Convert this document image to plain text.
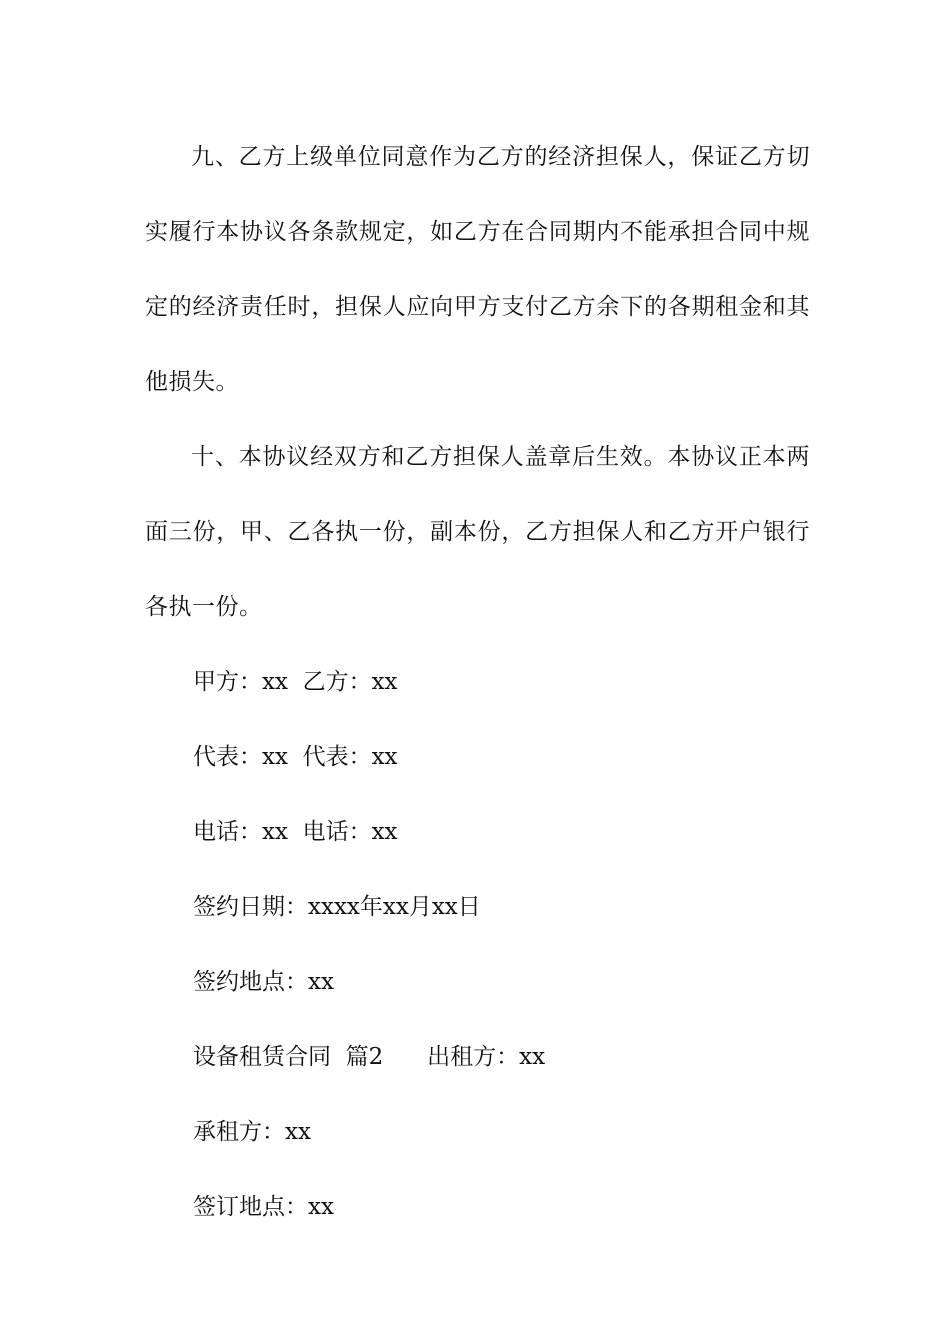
九、乙方上级单位同意作为乙方的经济担保人，保证乙方切实履行本协议各条款规定，如乙方在合同期内不能承担合同中规定的经济责任时，担保人应向甲方支付乙方余下的各期租金和其他损失。

十、本协议经双方和乙方担保人盖章后生效。本协议正本两面三份，甲、乙各执一份，副本份，乙方担保人和乙方开户银行各执一份。

甲方：xx  乙方：xx
代表：xx  代表：xx
电话：xx  电话：xx
签约日期：xxxx年xx月xx日
签约地点：xx
设备租赁合同  篇2      出租方：xx
承租方：xx
签订地点：xx
